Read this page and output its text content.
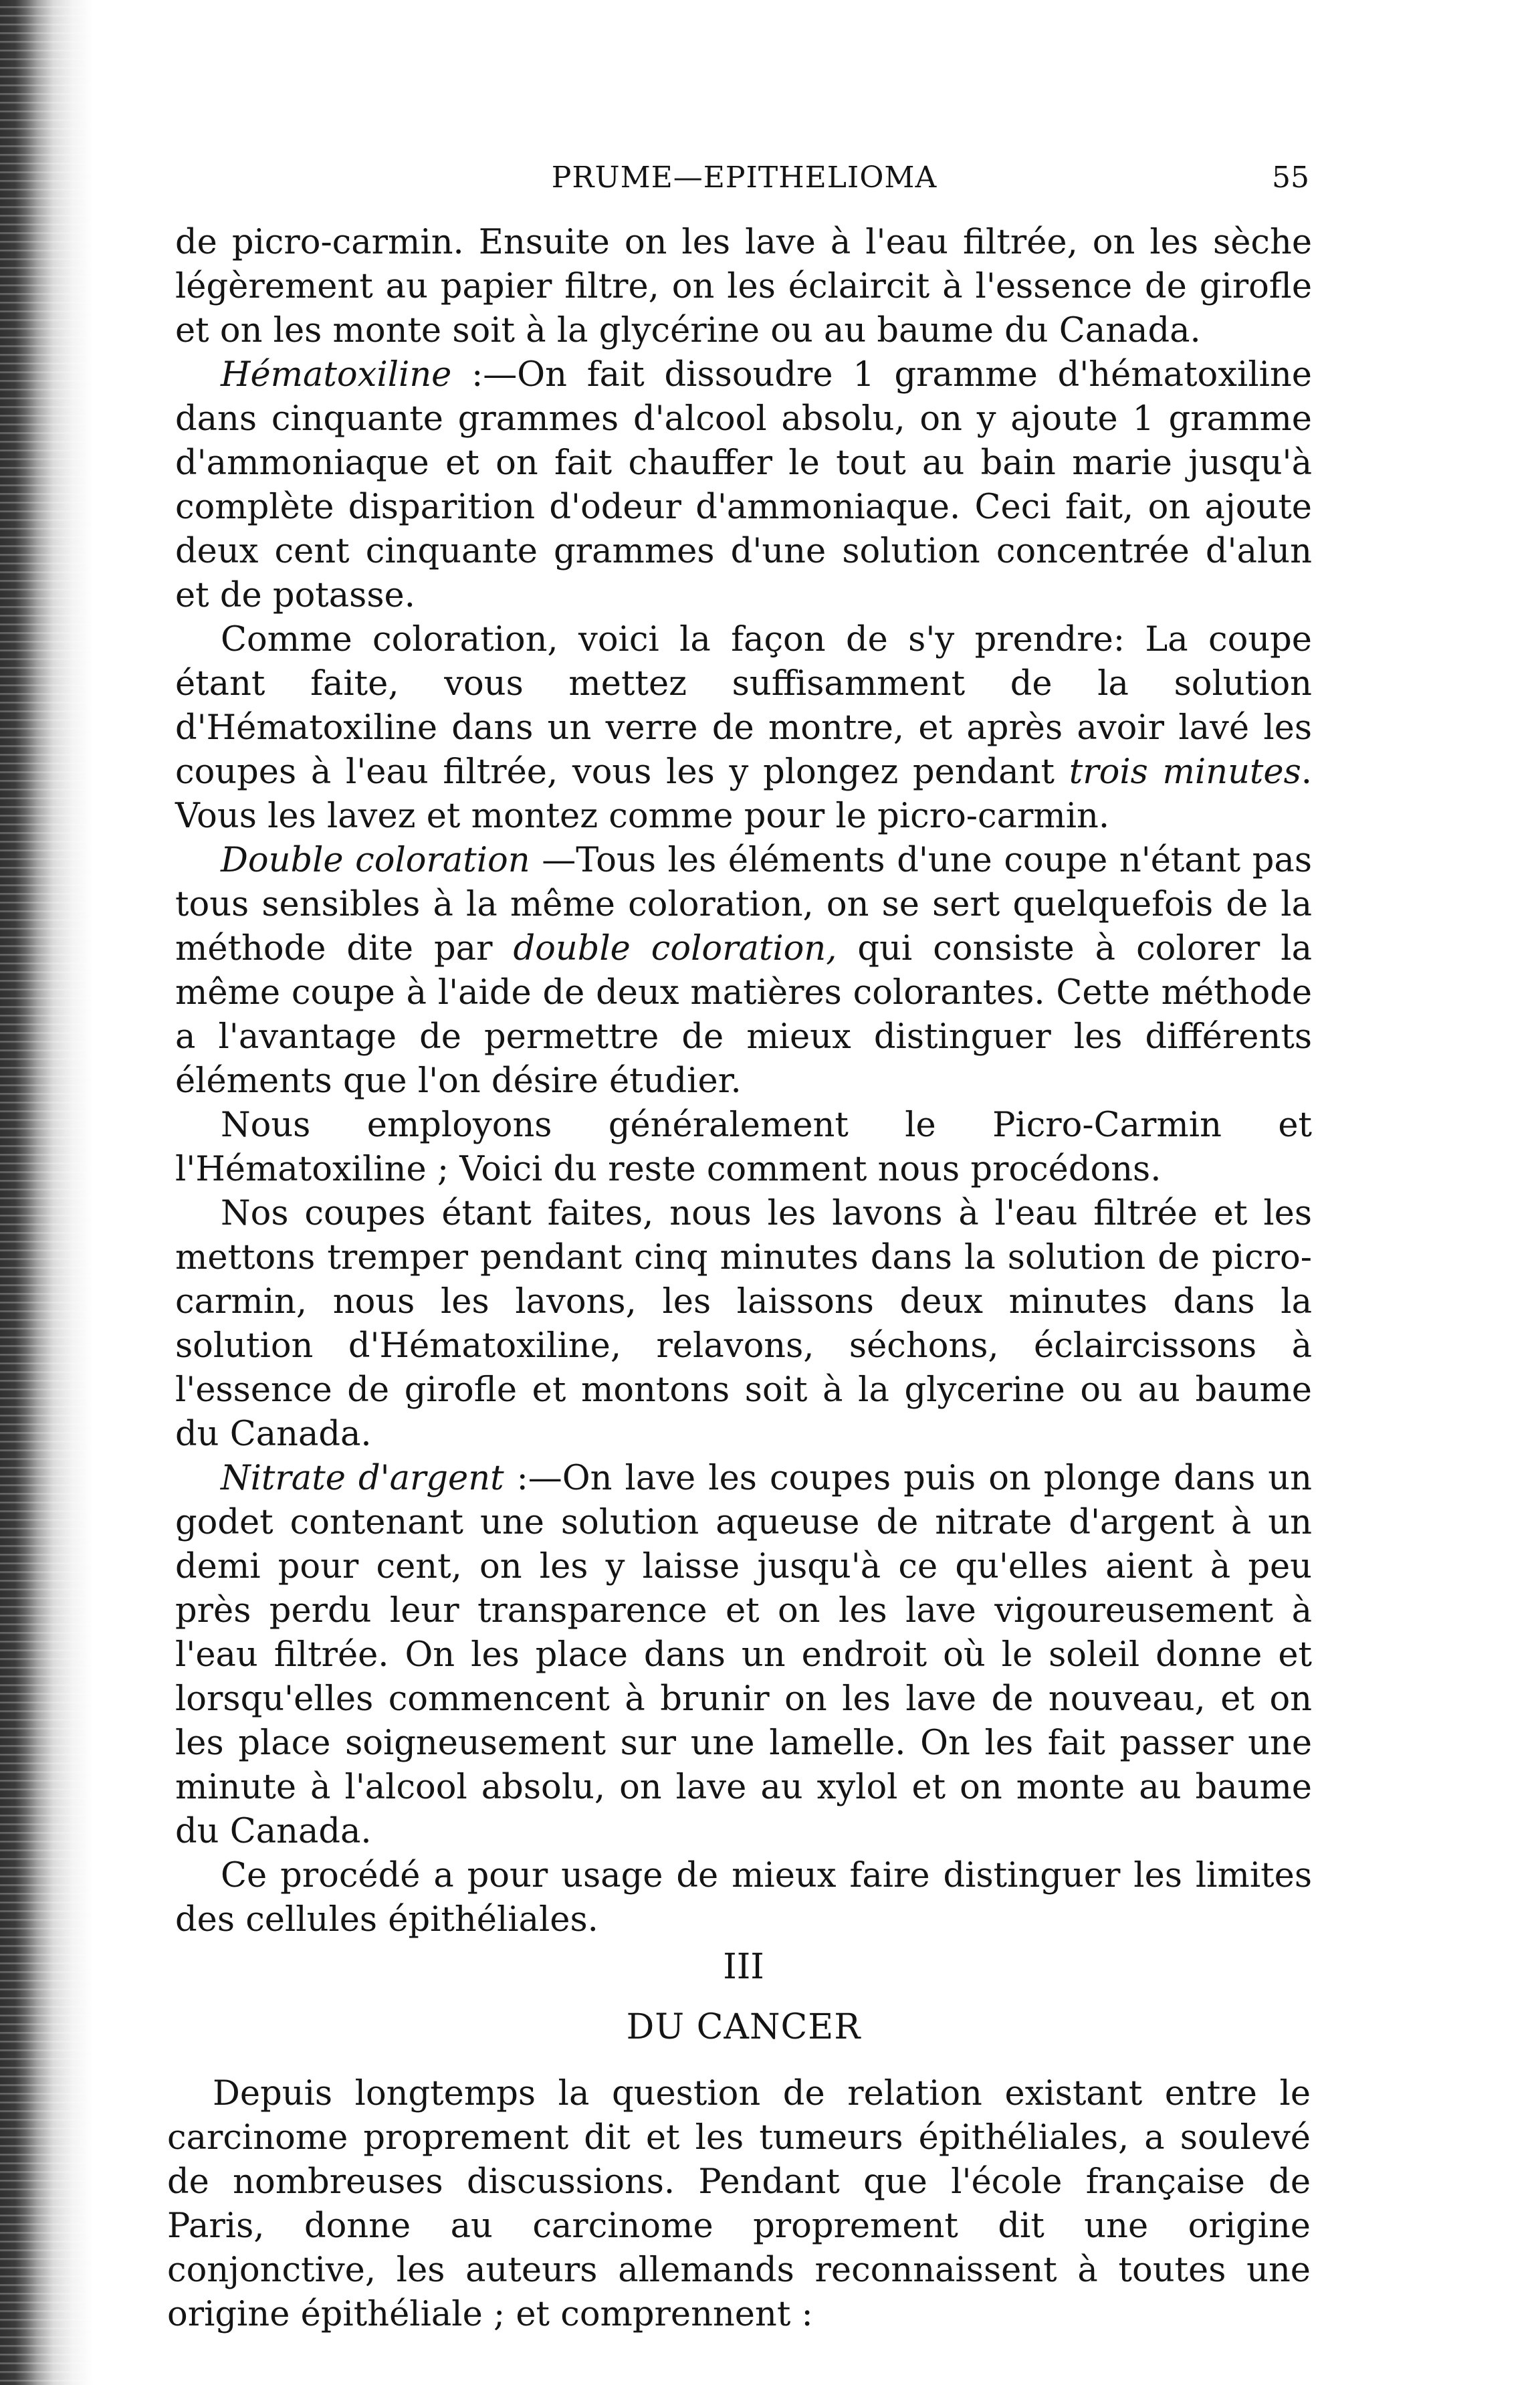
PRUME—EPITHELIOMA	55

de picro-carmin. Ensuite on les lave à l'eau filtrée, on les sèche légèrement au papier filtre, on les éclaircit à l'essence de girofle et on les monte soit à la glycérine ou au baume du Canada.

Hématoxiline :—On fait dissoudre 1 gramme d'hématoxiline dans cinquante grammes d'alcool absolu, on y ajoute 1 gramme d'ammoniaque et on fait chauffer le tout au bain marie jusqu'à complète disparition d'odeur d'ammoniaque. Ceci fait, on ajoute deux cent cinquante grammes d'une solution concentrée d'alun et de potasse.

Comme coloration, voici la façon de s'y prendre: La coupe étant faite, vous mettez suffisamment de la solution d'Hématoxiline dans un verre de montre, et après avoir lavé les coupes à l'eau filtrée, vous les y plongez pendant trois minutes. Vous les lavez et montez comme pour le picro-carmin.

Double coloration —Tous les éléments d'une coupe n'étant pas tous sensibles à la même coloration, on se sert quelquefois de la méthode dite par double coloration, qui consiste à colorer la même coupe à l'aide de deux matières colorantes. Cette méthode a l'avantage de permettre de mieux distinguer les différents éléments que l'on désire étudier.

Nous employons généralement le Picro-Carmin et l'Hématoxiline ; Voici du reste comment nous procédons.

Nos coupes étant faites, nous les lavons à l'eau filtrée et les mettons tremper pendant cinq minutes dans la solution de picro-carmin, nous les lavons, les laissons deux minutes dans la solution d'Hématoxiline, relavons, séchons, éclaircissons à l'essence de girofle et montons soit à la glycerine ou au baume du Canada.

Nitrate d'argent :—On lave les coupes puis on plonge dans un godet contenant une solution aqueuse de nitrate d'argent à un demi pour cent, on les y laisse jusqu'à ce qu'elles aient à peu près perdu leur transparence et on les lave vigoureusement à l'eau filtrée. On les place dans un endroit où le soleil donne et lorsqu'elles commencent à brunir on les lave de nouveau, et on les place soigneusement sur une lamelle. On les fait passer une minute à l'alcool absolu, on lave au xylol et on monte au baume du Canada.

Ce procédé a pour usage de mieux faire distinguer les limites des cellules épithéliales.

III
DU CANCER

Depuis longtemps la question de relation existant entre le carcinome proprement dit et les tumeurs épithéliales, a soulevé de nombreuses discussions. Pendant que l'école française de Paris, donne au carcinome proprement dit une origine conjonctive, les auteurs allemands reconnaissent à toutes une origine épithéliale ; et comprennent :
